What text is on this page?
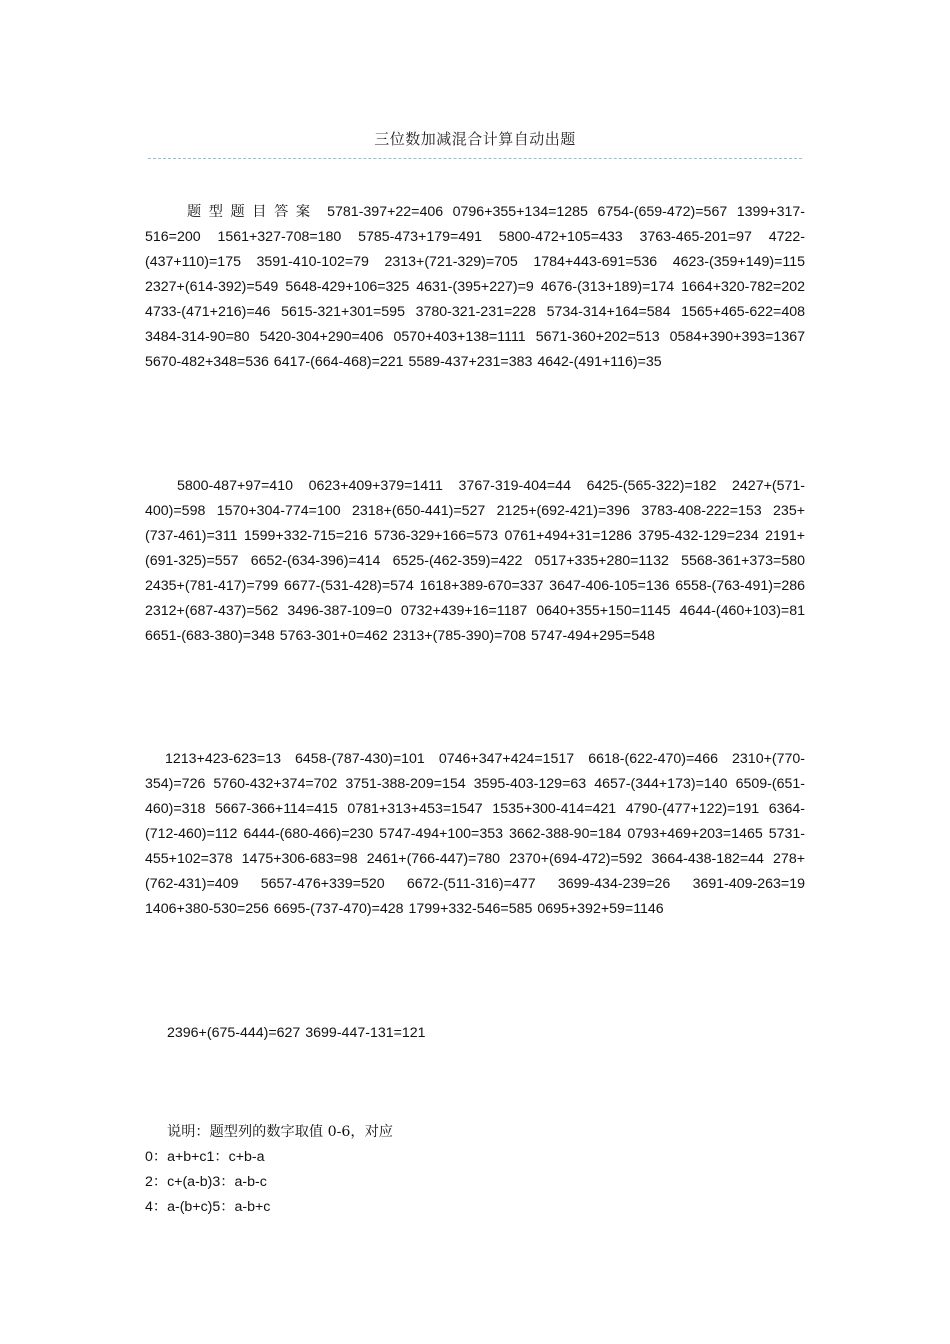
三位数加减混合计算自动出题
题型题目答案 5781-397+22=406 0796+355+134=1285 6754-(659-472)=567 1399+317-516=200 1561+327-708=180 5785-473+179=491 5800-472+105=433 3763-465-201=97 4722-(437+110)=175 3591-410-102=79 2313+(721-329)=705 1784+443-691=536 4623-(359+149)=115 2327+(614-392)=549 5648-429+106=325 4631-(395+227)=9 4676-(313+189)=174 1664+320-782=202 4733-(471+216)=46 5615-321+301=595 3780-321-231=228 5734-314+164=584 1565+465-622=408 3484-314-90=80 5420-304+290=406 0570+403+138=1111 5671-360+202=513 0584+390+393=1367 5670-482+348=536 6417-(664-468)=221 5589-437+231=383 4642-(491+116)=35
5800-487+97=410 0623+409+379=1411 3767-319-404=44 6425-(565-322)=182 2427+(571-400)=598 1570+304-774=100 2318+(650-441)=527 2125+(692-421)=396 3783-408-222=153 235+(737-461)=311 1599+332-715=216 5736-329+166=573 0761+494+31=1286 3795-432-129=234 2191+(691-325)=557 6652-(634-396)=414 6525-(462-359)=422 0517+335+280=1132 5568-361+373=580 2435+(781-417)=799 6677-(531-428)=574 1618+389-670=337 3647-406-105=136 6558-(763-491)=286 2312+(687-437)=562 3496-387-109=0 0732+439+16=1187 0640+355+150=1145 4644-(460+103)=81 6651-(683-380)=348 5763-301+0=462 2313+(785-390)=708 5747-494+295=548
1213+423-623=13 6458-(787-430)=101 0746+347+424=1517 6618-(622-470)=466 2310+(770-354)=726 5760-432+374=702 3751-388-209=154 3595-403-129=63 4657-(344+173)=140 6509-(651-460)=318 5667-366+114=415 0781+313+453=1547 1535+300-414=421 4790-(477+122)=191 6364-(712-460)=112 6444-(680-466)=230 5747-494+100=353 3662-388-90=184 0793+469+203=1465 5731-455+102=378 1475+306-683=98 2461+(766-447)=780 2370+(694-472)=592 3664-438-182=44 278+(762-431)=409 5657-476+339=520 6672-(511-316)=477 3699-434-239=26 3691-409-263=19 1406+380-530=256 6695-(737-470)=428 1799+332-546=585 0695+392+59=1146
2396+(675-444)=627 3699-447-131=121
说明：题型列的数字取值 0-6，对应
0：a+b+c1：c+b-a
2：c+(a-b)3：a-b-c
4：a-(b+c)5：a-b+c
